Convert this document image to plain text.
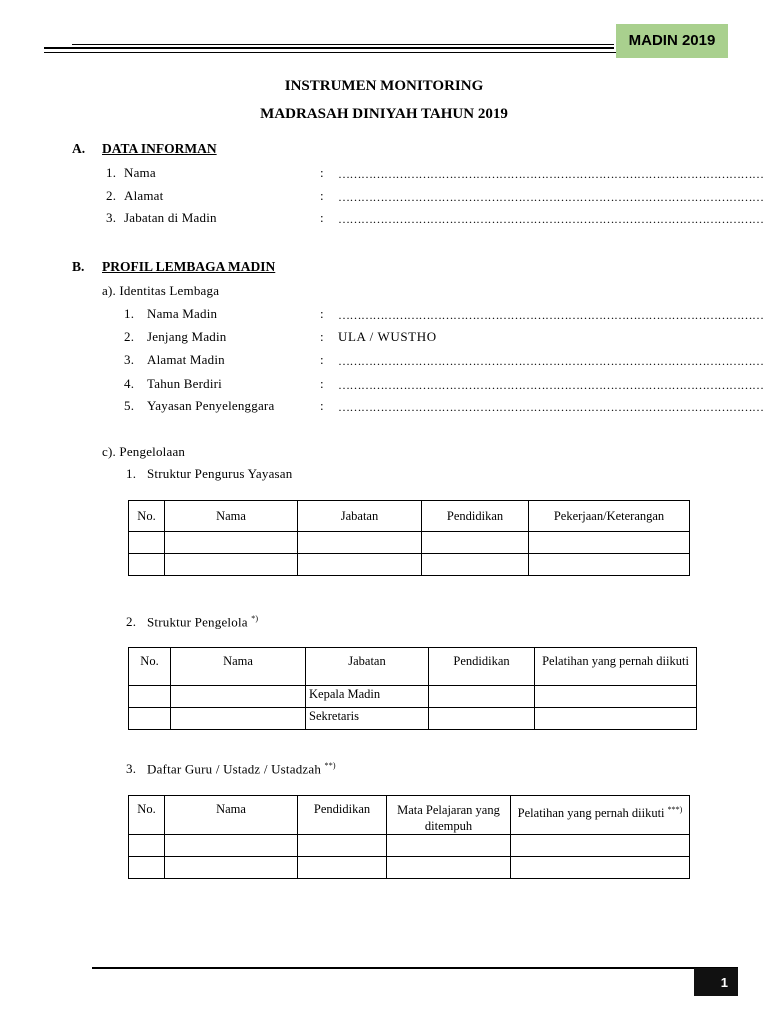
MADIN 2019
INSTRUMEN MONITORING
MADRASAH DINIYAH TAHUN 2019
A. DATA INFORMAN
1. Nama	: …………………………………………………………………………………………………
2. Alamat	: …………………………………………………………………………………………………
3. Jabatan di Madin	: …………………………………………………………………………………………………
B. PROFIL LEMBAGA MADIN
a). Identitas Lembaga
1. Nama Madin	: …………………………………………………………………………………………………
2. Jenjang Madin	: ULA / WUSTHO
3. Alamat Madin	: …………………………………………………………………………………………………
4. Tahun Berdiri	: …………………………………………………………………………………………………
5. Yayasan Penyelenggara	: …………………………………………………………………………………………………
c). Pengelolaan
1. Struktur Pengurus Yayasan
No.	Nama	Jabatan	Pendidikan	Pekerjaan/Keterangan

2. Struktur Pengelola *)
No.	Nama	Jabatan	Pendidikan	Pelatihan yang pernah diikuti
		Kepala Madin		
		Sekretaris		
3. Daftar Guru / Ustadz / Ustadzah **)
No.	Nama	Pendidikan	Mata Pelajaran yang ditempuh	Pelatihan yang pernah diikuti ***)

1
